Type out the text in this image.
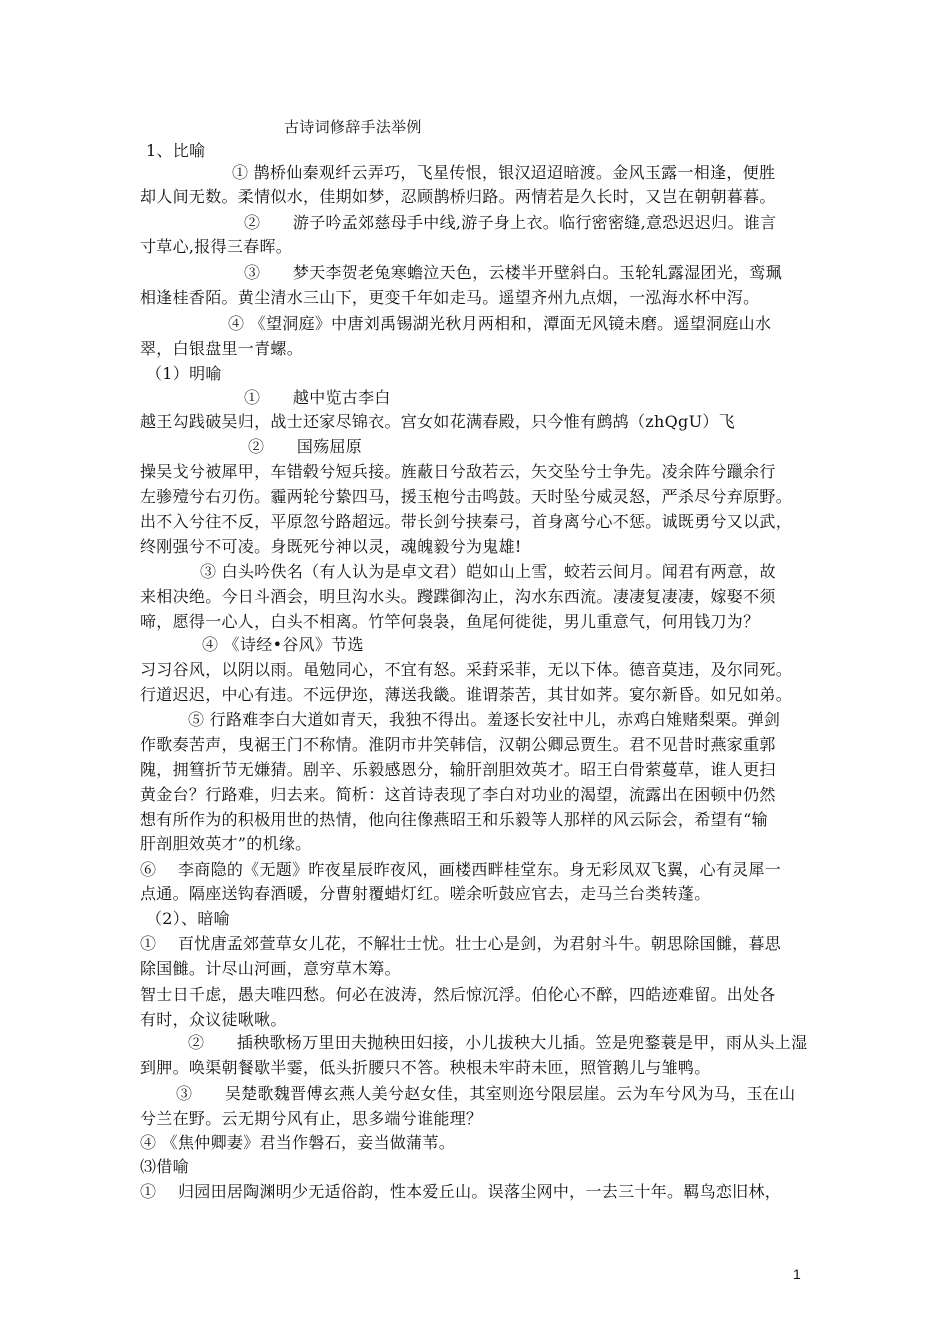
古诗词修辞手法举例
1、比喻
① 鹊桥仙秦观纤云弄巧，飞星传恨，银汉迢迢暗渡。金风玉露一相逢，便胜
却人间无数。柔情似水，佳期如梦，忍顾鹊桥归路。两情若是久长时，又岂在朝朝暮暮。
②　　游子吟孟郊慈母手中线,游子身上衣。临行密密缝,意恐迟迟归。谁言
寸草心,报得三春晖。
③　　梦天李贺老兔寒蟾泣天色，云楼半开壁斜白。玉轮轧露湿团光，鸾珮
相逢桂香陌。黄尘清水三山下，更变千年如走马。遥望齐州九点烟，一泓海水杯中泻。
④ 《望洞庭》中唐刘禹锡湖光秋月两相和，潭面无风镜未磨。遥望洞庭山水
翠，白银盘里一青螺。
（1）明喻
①　　越中览古李白
越王勾践破吴归，战士还家尽锦衣。宫女如花满春殿，只今惟有鹧鸪（zhQgU）飞
②　　国殇屈原
操吴戈兮被犀甲，车错毂兮短兵接。旌蔽日兮敌若云，矢交坠兮士争先。凌余阵兮躐余行
左骖殪兮右刃伤。霾两轮兮絷四马，援玉枹兮击鸣鼓。天时坠兮威灵怒，严杀尽兮弃原野。
出不入兮往不反，平原忽兮路超远。带长剑兮挟秦弓，首身离兮心不惩。诚既勇兮又以武，
终刚强兮不可凌。身既死兮神以灵，魂魄毅兮为鬼雄!
③ 白头吟佚名（有人认为是卓文君）皑如山上雪，蛟若云间月。闻君有两意，故
来相决绝。今日斗酒会，明旦沟水头。躞蹀御沟止，沟水东西流。凄凄复凄凄，嫁娶不须
啼，愿得一心人，白头不相离。竹竿何袅袅，鱼尾何徙徙，男儿重意气，何用钱刀为？
④ 《诗经•谷风》节选
习习谷风，以阴以雨。黾勉同心，不宜有怒。采葑采菲，无以下体。德音莫违，及尔同死。
行道迟迟，中心有违。不远伊迩，薄送我畿。谁谓荼苦，其甘如荠。宴尔新昏。如兄如弟。
⑤ 行路难李白大道如青天，我独不得出。羞逐长安社中儿，赤鸡白雉赌梨栗。弹剑
作歌奏苦声，曳裾王门不称情。淮阴市井笑韩信，汉朝公卿忌贾生。君不见昔时燕家重郭
隗，拥篲折节无嫌猜。剧辛、乐毅感恩分，输肝剖胆效英才。昭王白骨萦蔓草，谁人更扫
黄金台？行路难，归去来。简析：这首诗表现了李白对功业的渴望，流露出在困顿中仍然
想有所作为的积极用世的热情，他向往像燕昭王和乐毅等人那样的风云际会，希望有“输
肝剖胆效英才”的机缘。
⑥　 李商隐的《无题》昨夜星辰昨夜风，画楼西畔桂堂东。身无彩凤双飞翼，心有灵犀一
点通。隔座送钩春酒暖，分曹射覆蜡灯红。嗟余听鼓应官去，走马兰台类转蓬。
（2）、暗喻
①　 百忧唐孟郊萱草女儿花，不解壮士忧。壮士心是剑，为君射斗牛。朝思除国雠，暮思
除国雠。计尽山河画，意穷草木筹。
智士日千虑，愚夫唯四愁。何必在波涛，然后惊沉浮。伯伦心不醉，四皓迹难留。出处各
有时，众议徒啾啾。
②　　插秧歌杨万里田夫抛秧田妇接，小儿拔秧大儿插。笠是兜鍪蓑是甲，雨从头上湿
到胛。唤渠朝餐歇半霎，低头折腰只不答。秧根未牢莳未匝，照管鹅儿与雏鸭。
③　　吴楚歌魏晋傅玄燕人美兮赵女佳，其室则迩兮限层崖。云为车兮风为马，玉在山
兮兰在野。云无期兮风有止，思多端兮谁能理？
④ 《焦仲卿妻》君当作磐石，妾当做蒲苇。
⑶借喻
①　 归园田居陶渊明少无适俗韵，性本爱丘山。误落尘网中，一去三十年。羁鸟恋旧林，
1
